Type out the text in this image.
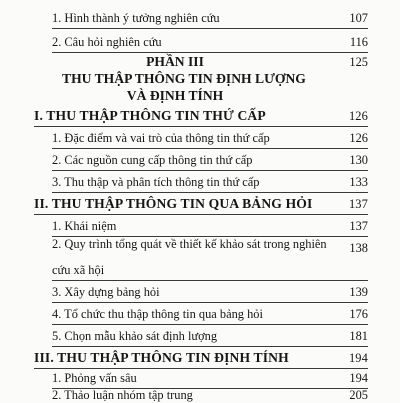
1. Hình thành ý tưởng nghiên cứu	107
2. Câu hỏi nghiên cứu	116
PHẦN III	125
THU THẬP THÔNG TIN ĐỊNH LƯỢNG
VÀ ĐỊNH TÍNH
I. THU THẬP THÔNG TIN THỨ CẤP	126
1. Đặc điểm và vai trò của thông tin thứ cấp	126
2. Các nguồn cung cấp thông tin thứ cấp	130
3. Thu thập và phân tích thông tin thứ cấp	133
II. THU THẬP THÔNG TIN QUA BẢNG HỎI	137
1. Khái niệm	137
2. Quy trình tổng quát về thiết kế khảo sát trong nghiên 138
cứu xã hội
3. Xây dựng bảng hỏi	139
4. Tổ chức thu thập thông tin qua bảng hỏi	176
5. Chọn mẫu khảo sát định lượng	181
III. THU THẬP THÔNG TIN ĐỊNH TÍNH	194
1. Phỏng vấn sâu	194
2. Thảo luận nhóm tập trung	205
